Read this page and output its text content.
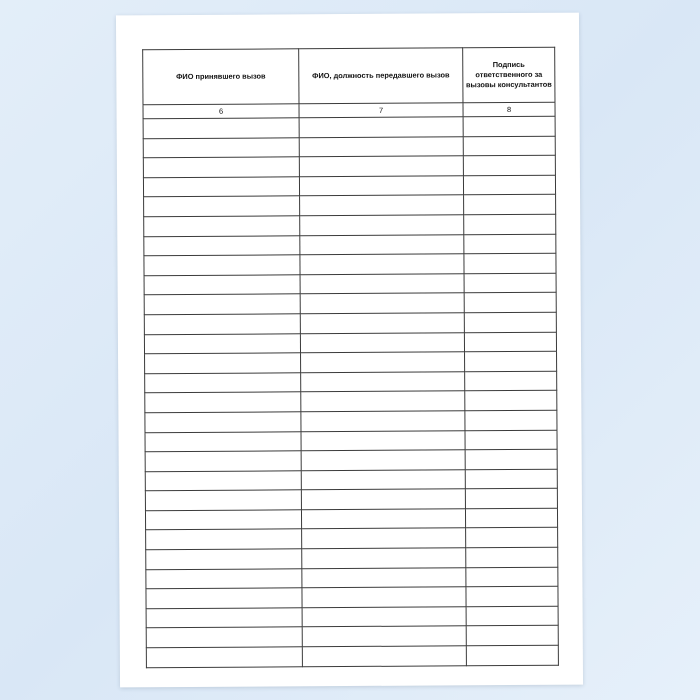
ФИО принявшего вызов	ФИО, должность передавшего вызов	Подпись ответственного за вызовы консультантов
6	7	8
